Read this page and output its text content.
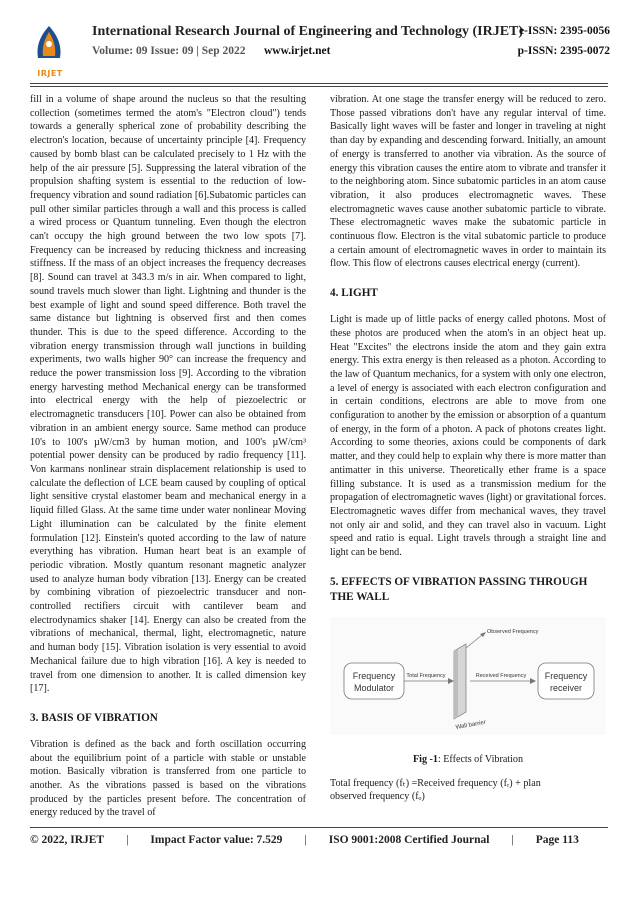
IRJET
International Research Journal of Engineering and Technology (IRJET)
e-ISSN: 2395-0056
Volume: 09 Issue: 09 | Sep 2022 www.irjet.net	p-ISSN: 2395-0072

fill in a volume of shape around the nucleus so that the resulting collection (sometimes termed the atom's "Electron cloud") tends towards a generally spherical zone of probability describing the electron's location, because of uncertainty principle [4]. Frequency caused by bomb blast can be calculated precisely to 1 Hz with the help of the air pressure [5]. Suppressing the lateral vibration of the propulsion shafting system is essential to the reduction of low-frequency vibration and sound radiation [6].Subatomic particles can pull other similar particles through a wall and this process is called a wired process or Quantum tunneling. Even though the electron can't occupy the high ground between the two low spots [7]. Frequency can be increased by reducing thickness and increasing stiffness. If the mass of an object increases the frequency decreases [8]. Sound can travel at 343.3 m/s in air. When compared to light, sound travels much slower than light. Lightning and thunder is the best example of light and sound speed difference. Both travel the same distance but lightning is observed first and then comes thunder. This is due to the speed difference. According to the vibration energy transmission through wall junctions in building experiments, two walls higher 90° can increase the frequency and reduce the power transmission loss [9]. According to the vibration energy harvesting method Mechanical energy can be transformed into electrical energy with the help of piezoelectric or electromagnetic transducers [10]. Power can also be obtained from vibration in an ambient energy source. Same method can produce 10's to 100's µW/cm3 by human motion, and 100's µW/cm³ potential power density can be produced by radio frequency [11]. Von karmans nonlinear strain displacement relationship is used to calculate the deflection of LCE beam caused by coupling of optical light sensitive crystal elastomer beam and mechanical energy in a liquid filled Glass. At the same time under water nonlinear Moving Light illumination can be calculated by the finite element formulation [12]. Einstein's quoted according to the law of nature everything has vibration. Human heart beat is an example of periodic vibration. Mostly quantum resonant magnetic analyzer used to analyze human body vibration [13]. Energy can be created by combining vibration of piezoelectric transducer and non-controlled rectifiers circuit with cantilever beam and electrodynamics shaker [14]. Energy can also be created from the vibrations of mechanical, thermal, light, electromagnetic, nature and human body [15]. Vibration isolation is very essential to avoid Mechanical failure due to high vibration [16]. A key is needed to travel from one dimension to another. It is called dimension key [17].

3. BASIS OF VIBRATION

Vibration is defined as the back and forth oscillation occurring about the equilibrium point of a particle with stable or unstable motion. Basically vibration is transferred from one particle to another. As the vibrations passed is based on the vibrations produced by the particles present before. The concentration of energy reduced by the travel of

vibration. At one stage the transfer energy will be reduced to zero. Those passed vibrations don't have any regular interval of time. Basically light waves will be faster and longer in traveling at night than day by expanding and descending forward. Initially, an amount of energy is transferred to another via vibration. As the source of energy this vibration causes the entire atom to vibrate and transfer it to the neighboring atom. Since subatomic particles in an atom cause vibration, it also produces electromagnetic waves. These electromagnetic waves cause another subatomic particle to vibrate. These electromagnetic waves make the subatomic particle in continuous flow. Electron is the vital subatomic particle to produce a certain amount of electromagnetic waves in order to maintain its flow. This flow of electrons causes electrical energy (current).

4. LIGHT

Light is made up of little packs of energy called photons. Most of these photos are produced when the atom's in an object heat up. Heat "Excites" the electrons inside the atom and they gain extra energy. This extra energy is then released as a photon. According to the law of Quantum mechanics, for a system with only one electron, a level of energy is associated with each electron configuration and in certain conditions, electrons are able to move from one configuration to another by the emission or absorption of a quantum of energy, in the form of a photon. A pack of photons creates light. According to some theories, axions could be components of dark matter, and they could help to explain why there is more matter than antimatter in this universe. Theoretically ether frame is a space filling substance. It is used as a transmission medium for the propagation of electromagnetic waves (light) or gravitational forces. Electromagnetic waves differ from mechanical waves, they travel not only air and solid, and they can travel also in vacuum. Light speed and ratio is equal. Light travels through a straight line and light can be bend.

5. EFFECTS OF VIBRATION PASSING THROUGH THE WALL
Frequency
Modulator
Total Frequency
Wall barrier
Observed Frequency
Received Frequency Frequency
receiver
Fig -1: Effects of Vibration

Total frequency (fₜ) =Received frequency (fᵣ) + plan

observed frequency (fₒ)

© 2022, IRJET | Impact Factor value: 7.529 | ISO 9001:2008 Certified Journal | Page 113
